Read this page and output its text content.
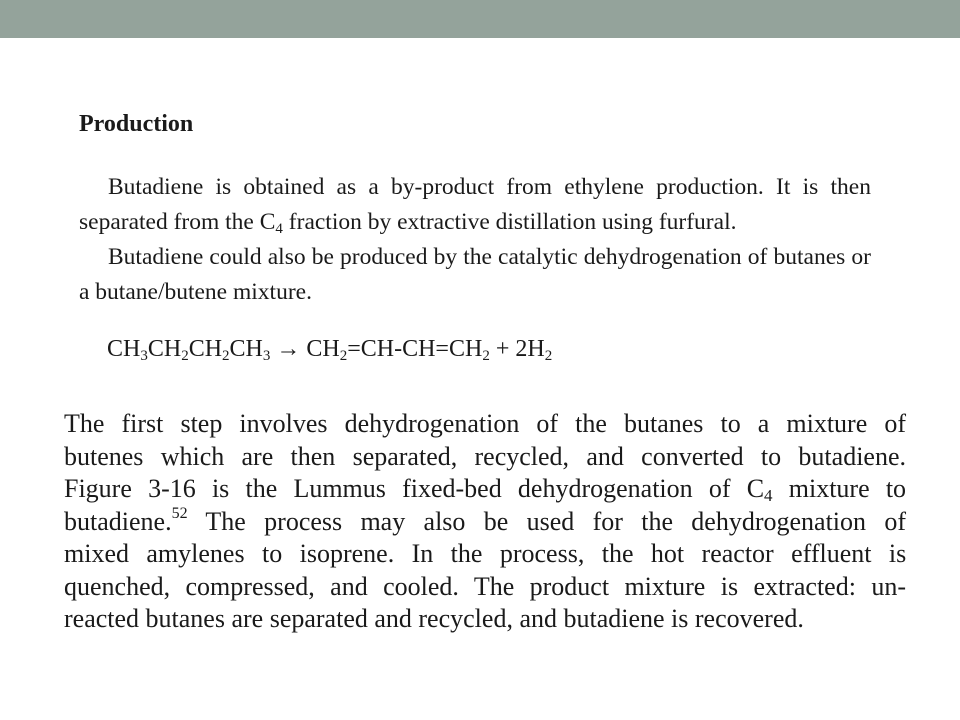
Production

Butadiene is obtained as a by-product from ethylene production. It is then separated from the $C_4$ fraction by extractive distillation using furfural.

Butadiene could also be produced by the catalytic dehydrogenation of butanes or a butane/butene mixture.

$CH_3CH_2CH_2CH_3 \to CH_2=CH-CH=CH_2 + 2H_2$

The first step involves dehydrogenation of the butanes to a mixture of
butenes which are then separated, recycled, and converted to butadiene.
Figure 3-16 is the Lummus fixed-bed dehydrogenation of $C_4$ mixture to
butadiene.$^{52}$ The process may also be used for the dehydrogenation of
mixed amylenes to isoprene. In the process, the hot reactor effluent is
quenched, compressed, and cooled. The product mixture is extracted: un-
reacted butanes are separated and recycled, and butadiene is recovered.
